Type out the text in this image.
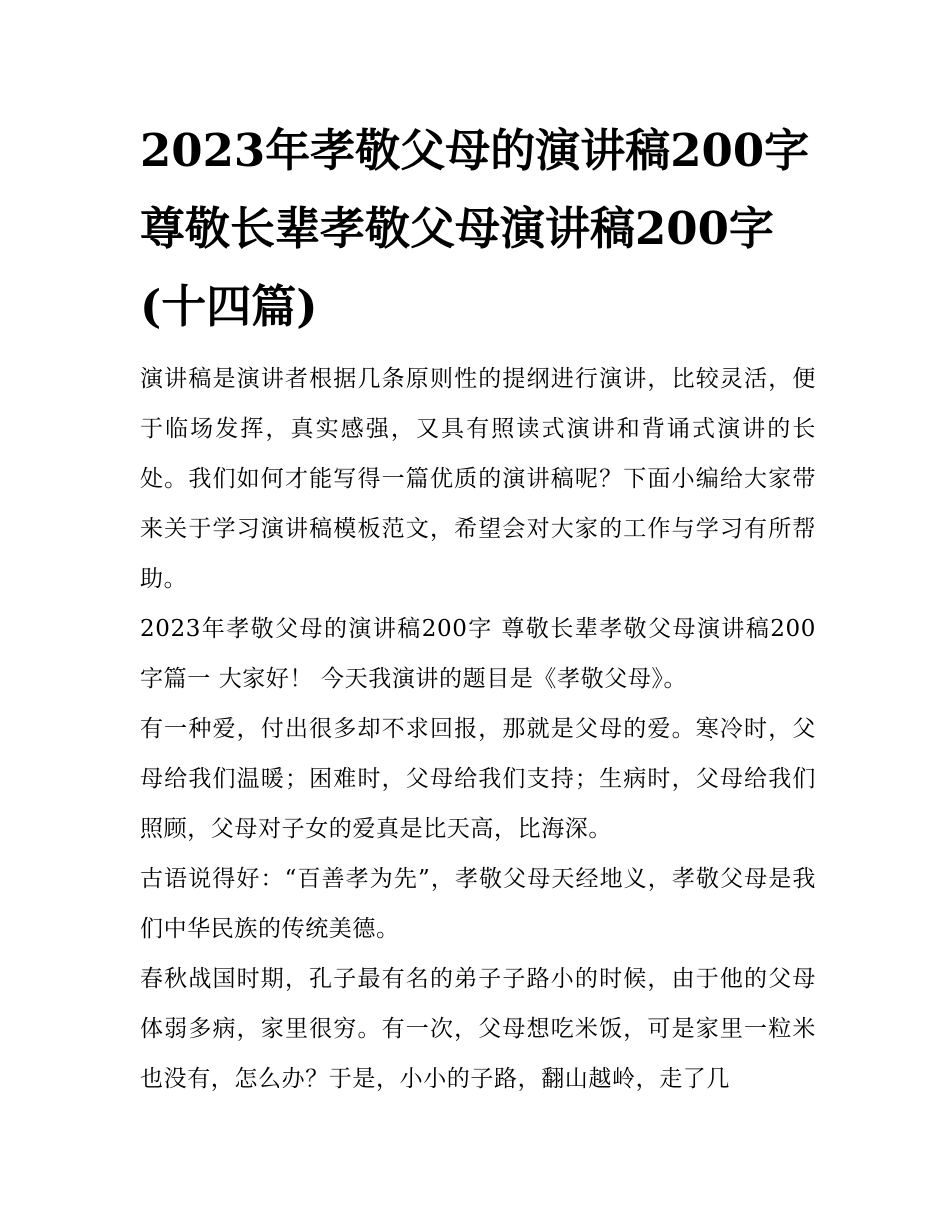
2023年孝敬父母的演讲稿200字 尊敬长辈孝敬父母演讲稿200字(十四篇)

演讲稿是演讲者根据几条原则性的提纲进行演讲，比较灵活，便于临场发挥，真实感强，又具有照读式演讲和背诵式演讲的长处。我们如何才能写得一篇优质的演讲稿呢？下面小编给大家带来关于学习演讲稿模板范文，希望会对大家的工作与学习有所帮助。

2023年孝敬父母的演讲稿200字 尊敬长辈孝敬父母演讲稿200字篇一 大家好！ 今天我演讲的题目是《孝敬父母》。

有一种爱，付出很多却不求回报，那就是父母的爱。寒冷时，父母给我们温暖；困难时，父母给我们支持；生病时，父母给我们照顾，父母对子女的爱真是比天高，比海深。

古语说得好：“百善孝为先”，孝敬父母天经地义，孝敬父母是我们中华民族的传统美德。

春秋战国时期，孔子最有名的弟子子路小的时候，由于他的父母体弱多病，家里很穷。有一次，父母想吃米饭，可是家里一粒米也没有，怎么办？于是，小小的子路，翻山越岭，走了几
